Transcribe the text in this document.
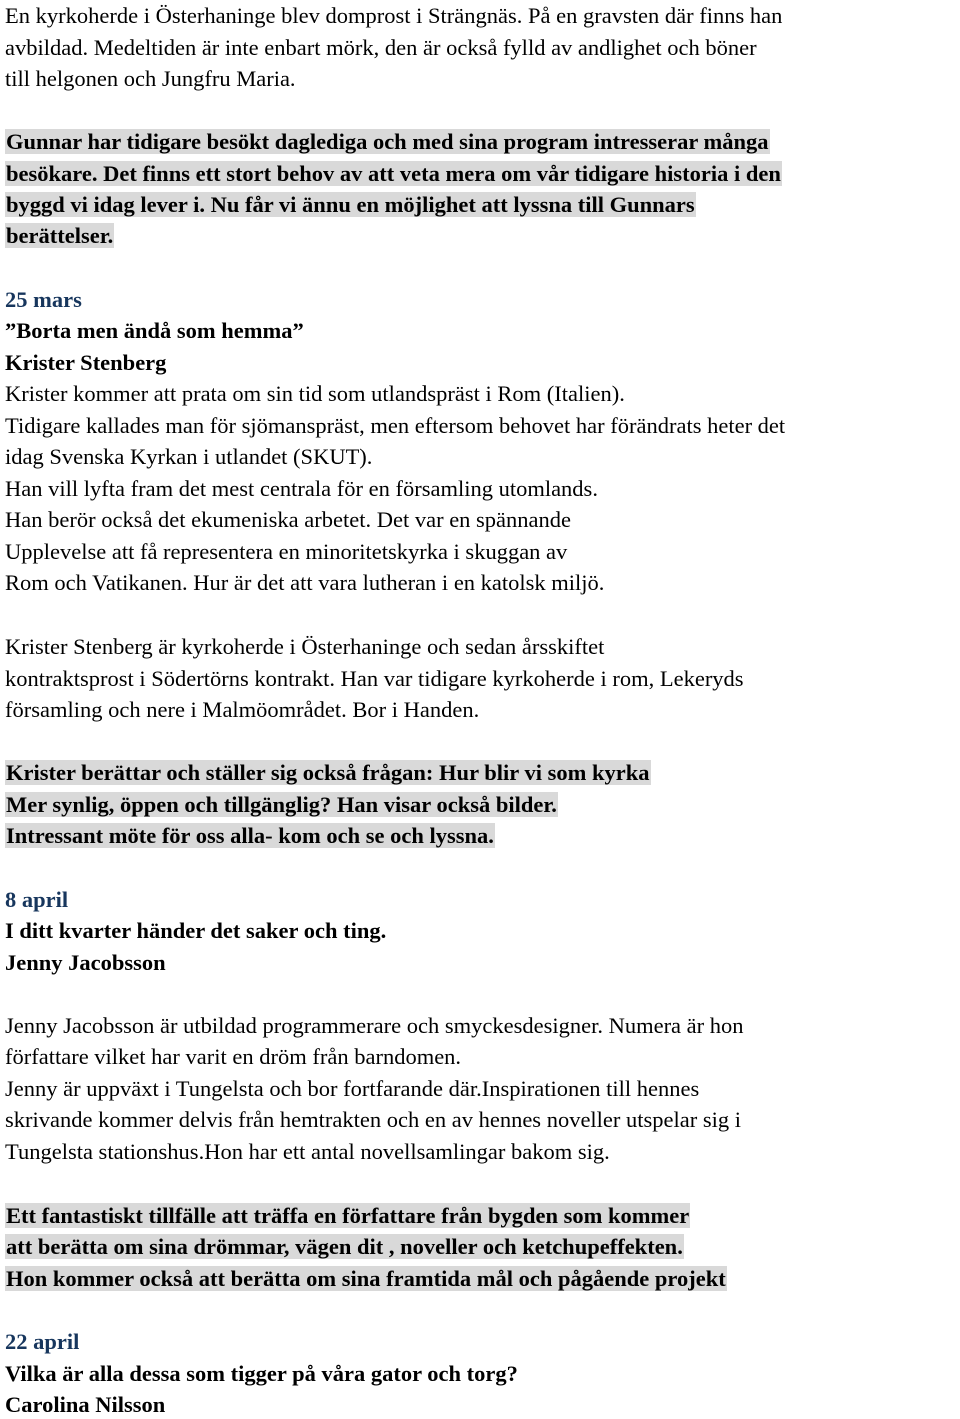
En kyrkoherde i Österhaninge blev domprost i Strängnäs. På en gravsten där finns han
avbildad. Medeltiden är inte enbart mörk, den är också fylld av andlighet och böner
till helgonen och Jungfru Maria.
Gunnar har tidigare besökt daglediga och med sina program intresserar många
besökare. Det finns ett stort behov av att veta mera om vår tidigare historia i den
byggd vi idag lever i. Nu får vi ännu en möjlighet att lyssna till Gunnars
berättelser.
25 mars
”Borta men ändå som hemma”
Krister Stenberg
Krister kommer att prata om sin tid som utlandspräst i Rom (Italien).
Tidigare kallades man för sjömanspräst, men eftersom behovet har förändrats heter det
idag Svenska Kyrkan i utlandet (SKUT).
Han vill lyfta fram det mest centrala för en församling utomlands.
Han berör också det ekumeniska arbetet. Det var en spännande
Upplevelse att få representera en minoritetskyrka i skuggan av
Rom och Vatikanen. Hur är det att vara lutheran i en katolsk miljö.
Krister Stenberg är kyrkoherde i Österhaninge och sedan årsskiftet
kontraktsprost i Södertörns kontrakt. Han var tidigare kyrkoherde i rom, Lekeryds
församling och nere i Malmöområdet. Bor i Handen.
Krister berättar och ställer sig också frågan: Hur blir vi som kyrka
Mer synlig, öppen och tillgänglig? Han visar också bilder.
Intressant möte för oss alla- kom och se och lyssna.
8 april
I ditt kvarter händer det saker och ting.
Jenny Jacobsson
Jenny Jacobsson är utbildad programmerare och smyckesdesigner. Numera är hon
författare vilket har varit en dröm från barndomen.
Jenny är uppväxt i Tungelsta och bor fortfarande där.Inspirationen till hennes
skrivande kommer delvis från hemtrakten och en av hennes noveller utspelar sig i
Tungelsta stationshus.Hon har ett antal novellsamlingar bakom sig.
Ett fantastiskt tillfälle att träffa en författare från bygden som kommer
att berätta om sina drömmar, vägen dit , noveller och ketchupeffekten.
Hon kommer också att berätta om sina framtida mål och pågående projekt
22 april
Vilka är alla dessa som tigger på våra gator och torg?
Carolina Nilsson
